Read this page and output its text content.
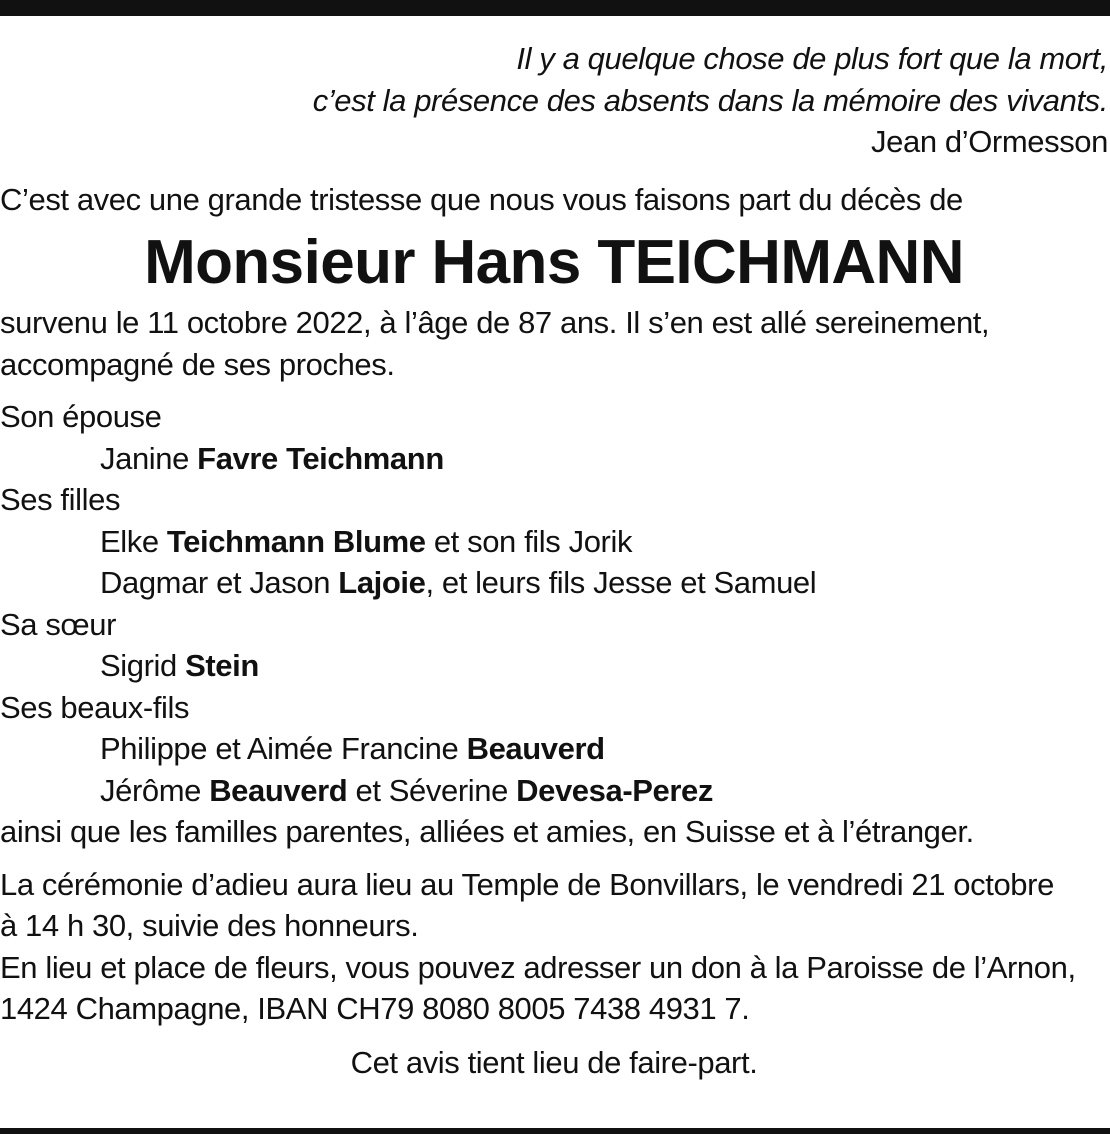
Il y a quelque chose de plus fort que la mort,
c’est la présence des absents dans la mémoire des vivants.
Jean d’Ormesson

C’est avec une grande tristesse que nous vous faisons part du décès de

Monsieur Hans TEICHMANN
survenu le 11 octobre 2022, à l’âge de 87 ans. Il s’en est allé sereinement,
accompagné de ses proches.
Son épouse
Janine Favre Teichmann
Ses filles
Elke Teichmann Blume et son fils Jorik
Dagmar et Jason Lajoie, et leurs fils Jesse et Samuel
Sa sœur
Sigrid Stein
Ses beaux-fils
Philippe et Aimée Francine Beauverd
Jérôme Beauverd et Séverine Devesa-Perez
ainsi que les familles parentes, alliées et amies, en Suisse et à l’étranger.
La cérémonie d’adieu aura lieu au Temple de Bonvillars, le vendredi 21 octobre
à 14 h 30, suivie des honneurs.
En lieu et place de fleurs, vous pouvez adresser un don à la Paroisse de l’Arnon,
1424 Champagne, IBAN CH79 8080 8005 7438 4931 7.
Cet avis tient lieu de faire-part.
